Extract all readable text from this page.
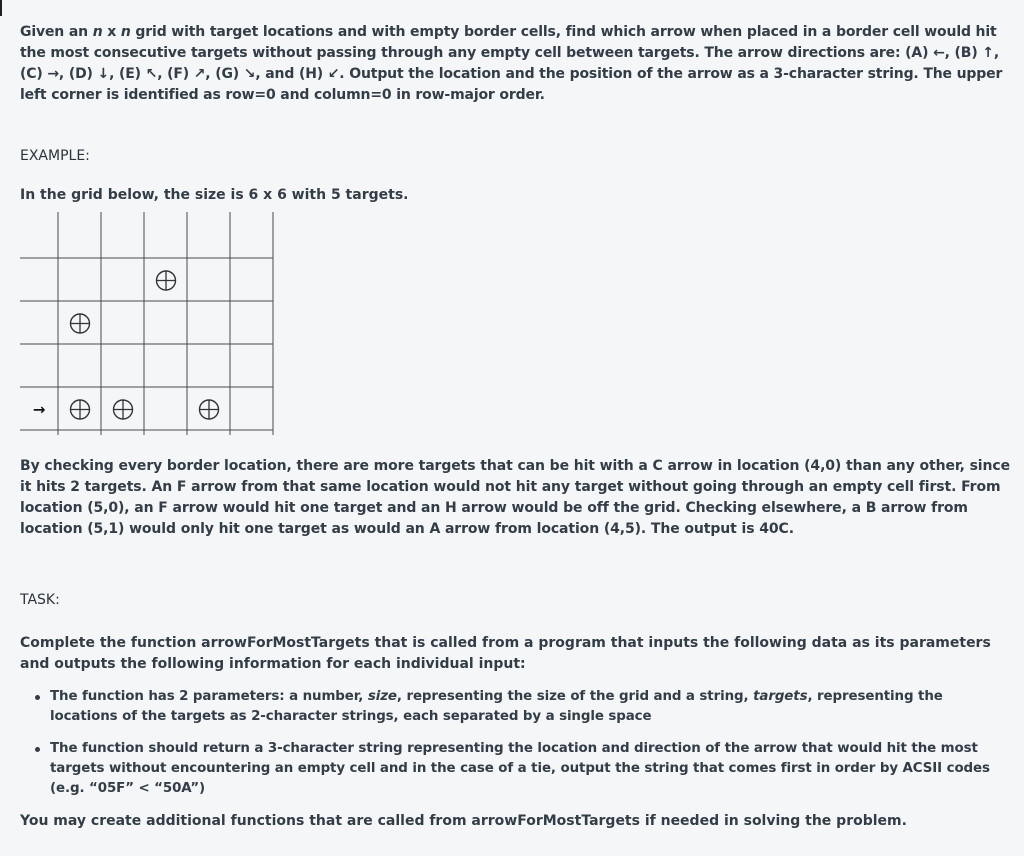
Given an n x n grid with target locations and with empty border cells, find which arrow when placed in a border cell would hit the most consecutive targets without passing through any empty cell between targets. The arrow directions are: (A) ←, (B) ↑, (C) →, (D) ↓, (E) ↖, (F) ↗, (G) ↘, and (H) ↙. Output the location and the position of the arrow as a 3-character string. The upper left corner is identified as row=0 and column=0 in row-major order.

EXAMPLE:

In the grid below, the size is 6 x 6 with 5 targets.

→

By checking every border location, there are more targets that can be hit with a C arrow in location (4,0) than any other, since it hits 2 targets. An F arrow from that same location would not hit any target without going through an empty cell first. From location (5,0), an F arrow would hit one target and an H arrow would be off the grid. Checking elsewhere, a B arrow from location (5,1) would only hit one target as would an A arrow from location (4,5). The output is 40C.

TASK:

Complete the function arrowForMostTargets that is called from a program that inputs the following data as its parameters and outputs the following information for each individual input:

The function has 2 parameters: a number, size, representing the size of the grid and a string, targets, representing the locations of the targets as 2-character strings, each separated by a single space
The function should return a 3-character string representing the location and direction of the arrow that would hit the most targets without encountering an empty cell and in the case of a tie, output the string that comes first in order by ACSII codes (e.g. “05F” < “50A”)

You may create additional functions that are called from arrowForMostTargets if needed in solving the problem.
